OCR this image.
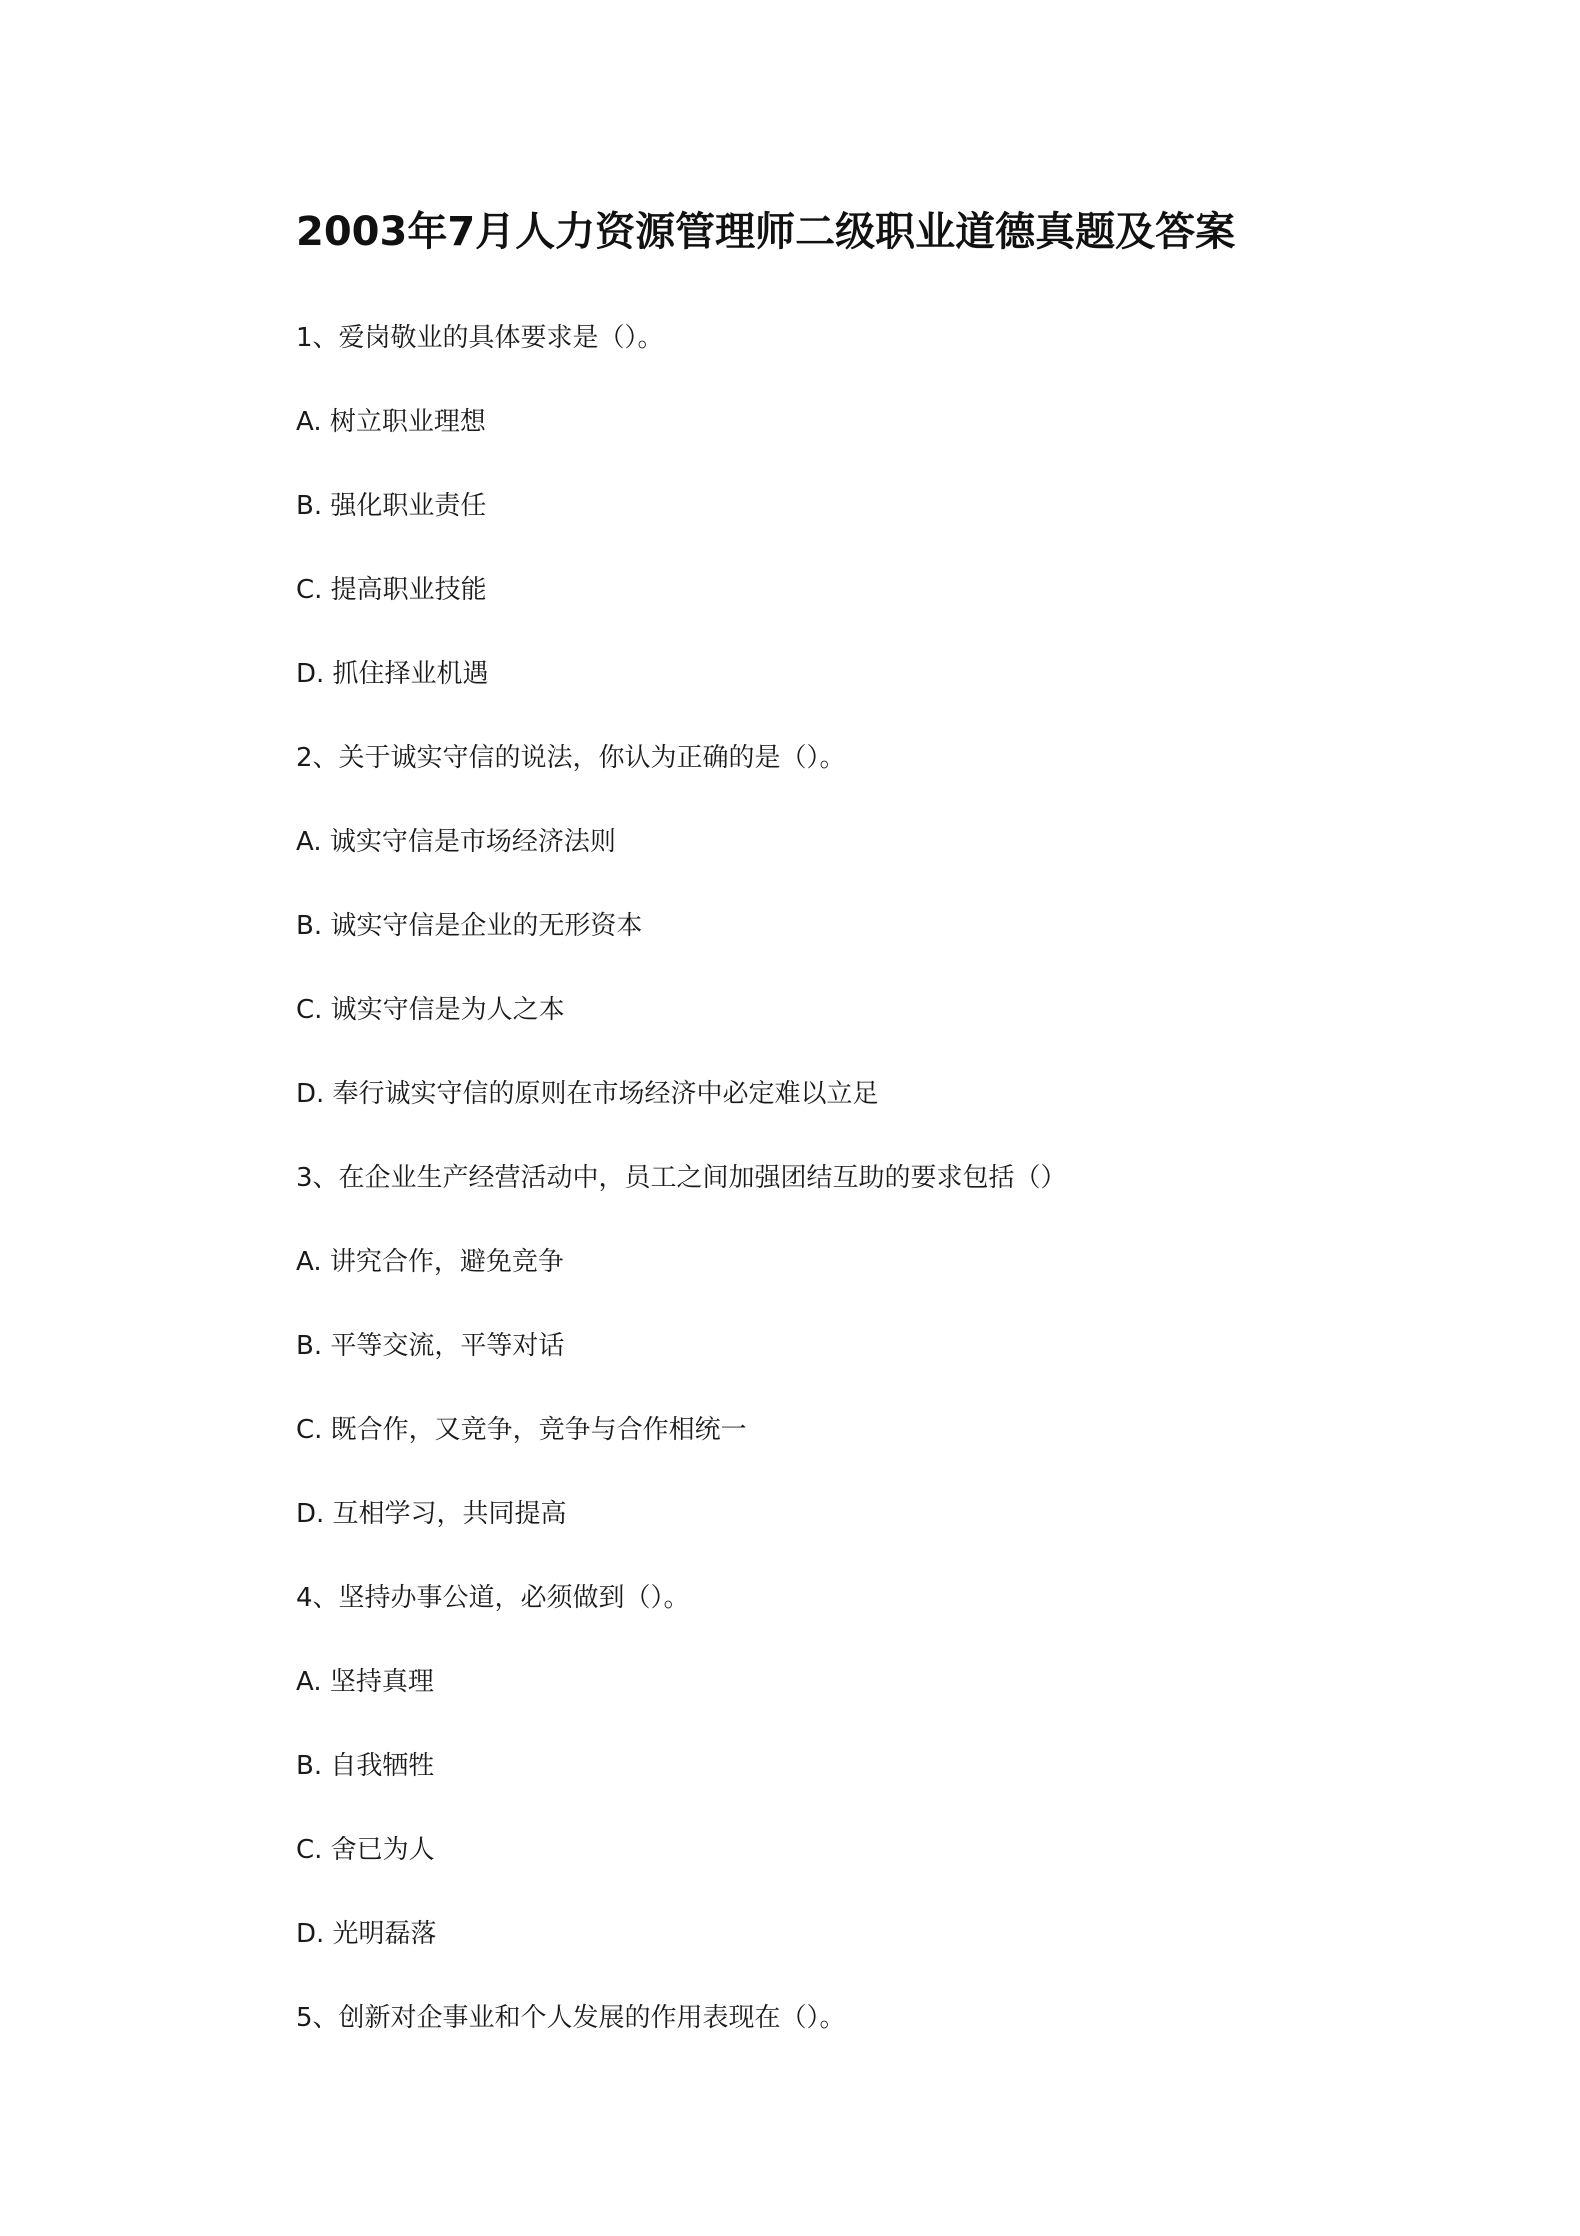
2003年7月人力资源管理师二级职业道德真题及答案
1、爱岗敬业的具体要求是（）。
A. 树立职业理想
B. 强化职业责任
C. 提高职业技能
D. 抓住择业机遇
2、关于诚实守信的说法，你认为正确的是（）。
A. 诚实守信是市场经济法则
B. 诚实守信是企业的无形资本
C. 诚实守信是为人之本
D. 奉行诚实守信的原则在市场经济中必定难以立足
3、在企业生产经营活动中，员工之间加强团结互助的要求包括（）
A. 讲究合作，避免竞争
B. 平等交流，平等对话
C. 既合作，又竞争，竞争与合作相统一
D. 互相学习，共同提高
4、坚持办事公道，必须做到（）。
A. 坚持真理
B. 自我牺牲
C. 舍已为人
D. 光明磊落
5、创新对企事业和个人发展的作用表现在（）。
